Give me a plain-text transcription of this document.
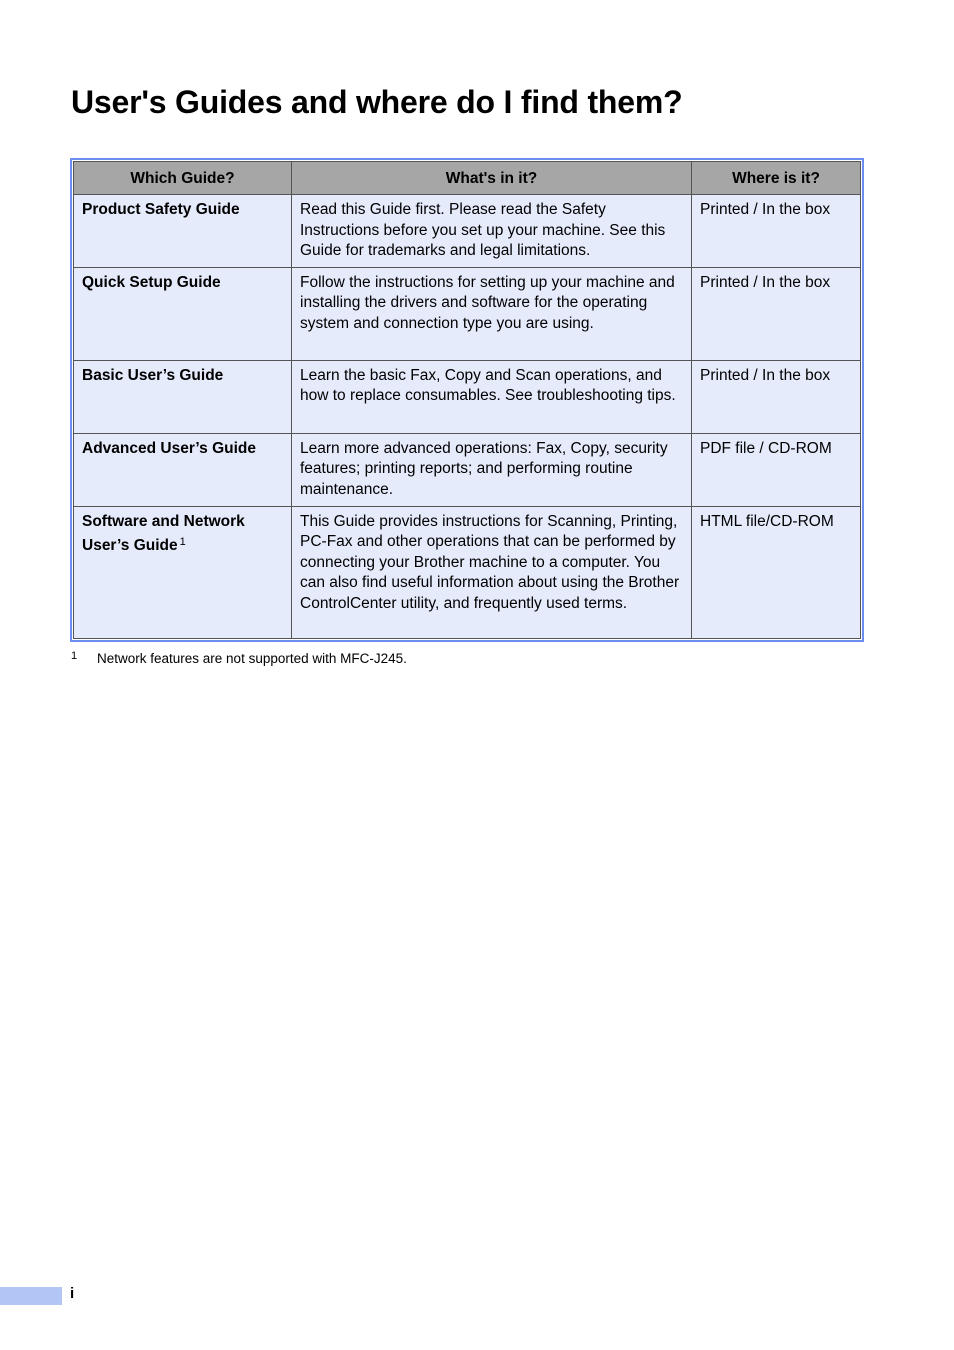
User's Guides and where do I find them?
Which Guide?	What's in it?	Where is it?
Product Safety Guide	Read this Guide first. Please read the Safety Instructions before you set up your machine. See this Guide for trademarks and legal limitations.	Printed / In the box
Quick Setup Guide	Follow the instructions for setting up your machine and installing the drivers and software for the operating system and connection type you are using.	Printed / In the box
Basic User’s Guide	Learn the basic Fax, Copy and Scan operations, and how to replace consumables. See troubleshooting tips.	Printed / In the box
Advanced User’s Guide	Learn more advanced operations: Fax, Copy, security features; printing reports; and performing routine maintenance.	PDF file / CD-ROM
Software and Network User’s Guide $^1$	This Guide provides instructions for Scanning, Printing, PC-Fax and other operations that can be performed by connecting your Brother machine to a computer. You can also find useful information about using the Brother ControlCenter utility, and frequently used terms.	HTML file/CD-ROM
1 Network features are not supported with MFC-J245.
i
